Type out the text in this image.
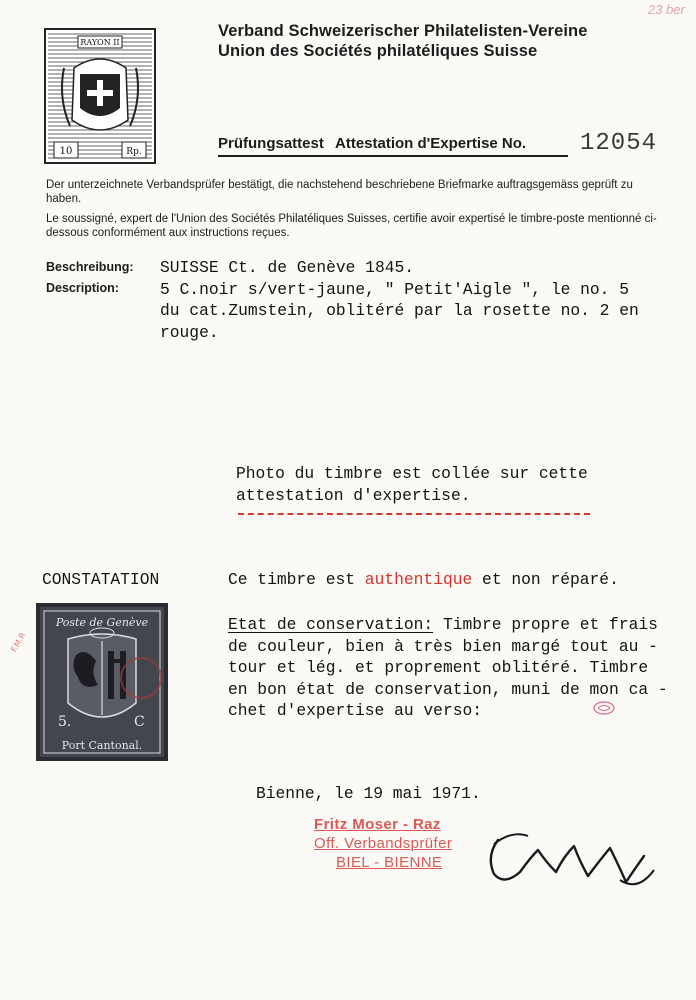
23 ber
Verband Schweizerischer Philatelisten-Vereine
Union des Sociétés philatéliques Suisse
RAYON II
10	Rp.	Prüfungsattest Attestation d'Expertise No. 12054
Der unterzeichnete Verbandsprüfer bestätigt, die nachstehend beschriebene Briefmarke auftragsgemäss geprüft zu haben.
Le soussigné, expert de l'Union des Sociétés Philatéliques Suisses, certifie avoir expertisé le timbre-poste mentionné ci-dessous conformément aux instructions reçues.
Beschreibung:
Description:
SUISSE Ct. de Genève 1845.
5 C.noir s/vert-jaune, " Petit'Aigle ", le no. 5
du cat.Zumstein, oblitéré par la rosette no. 2 en
rouge.
Photo du timbre est collée sur cette
attestation d'expertise.
CONSTATATION	Ce timbre est authentique et non réparé.
Etat de conservation: Timbre propre et frais
de couleur, bien à très bien margé tout au -
tour et lég. et proprement oblitéré. Timbre
en bon état de conservation, muni de mon ca -
chet d'expertise au verso:
F.M.R
Poste de Genève
5.	C
Port Cantonal.
Bienne, le 19 mai 1971.
Fritz Moser - Raz
Off. Verbandsprüfer
BIEL - BIENNE
